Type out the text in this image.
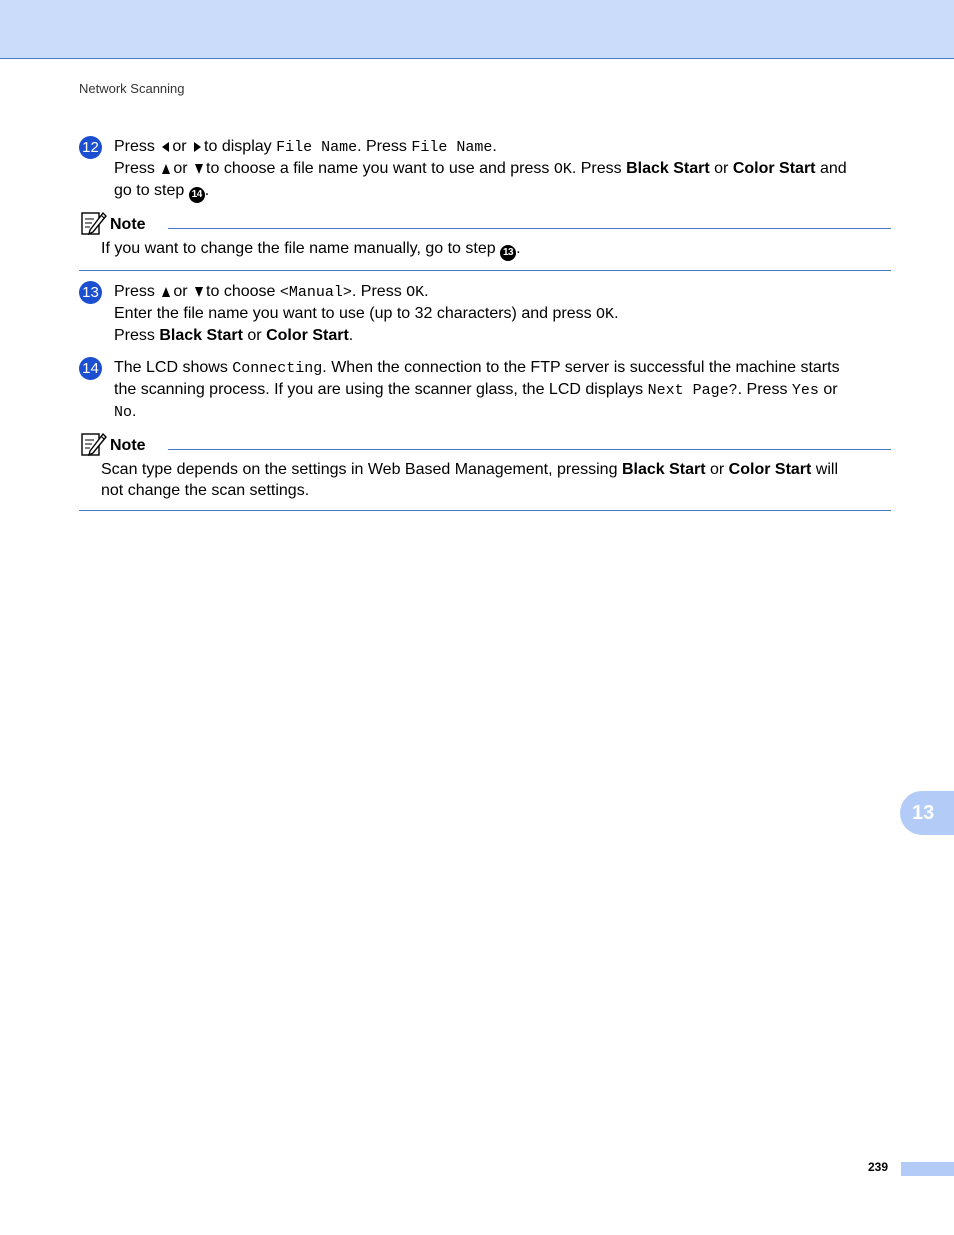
Network Scanning
12 Press or to display File Name. Press File Name.
Press or to choose a file name you want to use and press OK. Press Black Start or Color Start and
go to step 14 .
Note
If you want to change the file name manually, go to step 13 .
13 Press or to choose <Manual>. Press OK.
Enter the file name you want to use (up to 32 characters) and press OK.
Press Black Start or Color Start.
14 The LCD shows Connecting. When the connection to the FTP server is successful the machine starts
the scanning process. If you are using the scanner glass, the LCD displays Next Page?. Press Yes or
No.
Note
Scan type depends on the settings in Web Based Management, pressing Black Start or Color Start will
not change the scan settings.
13
239
